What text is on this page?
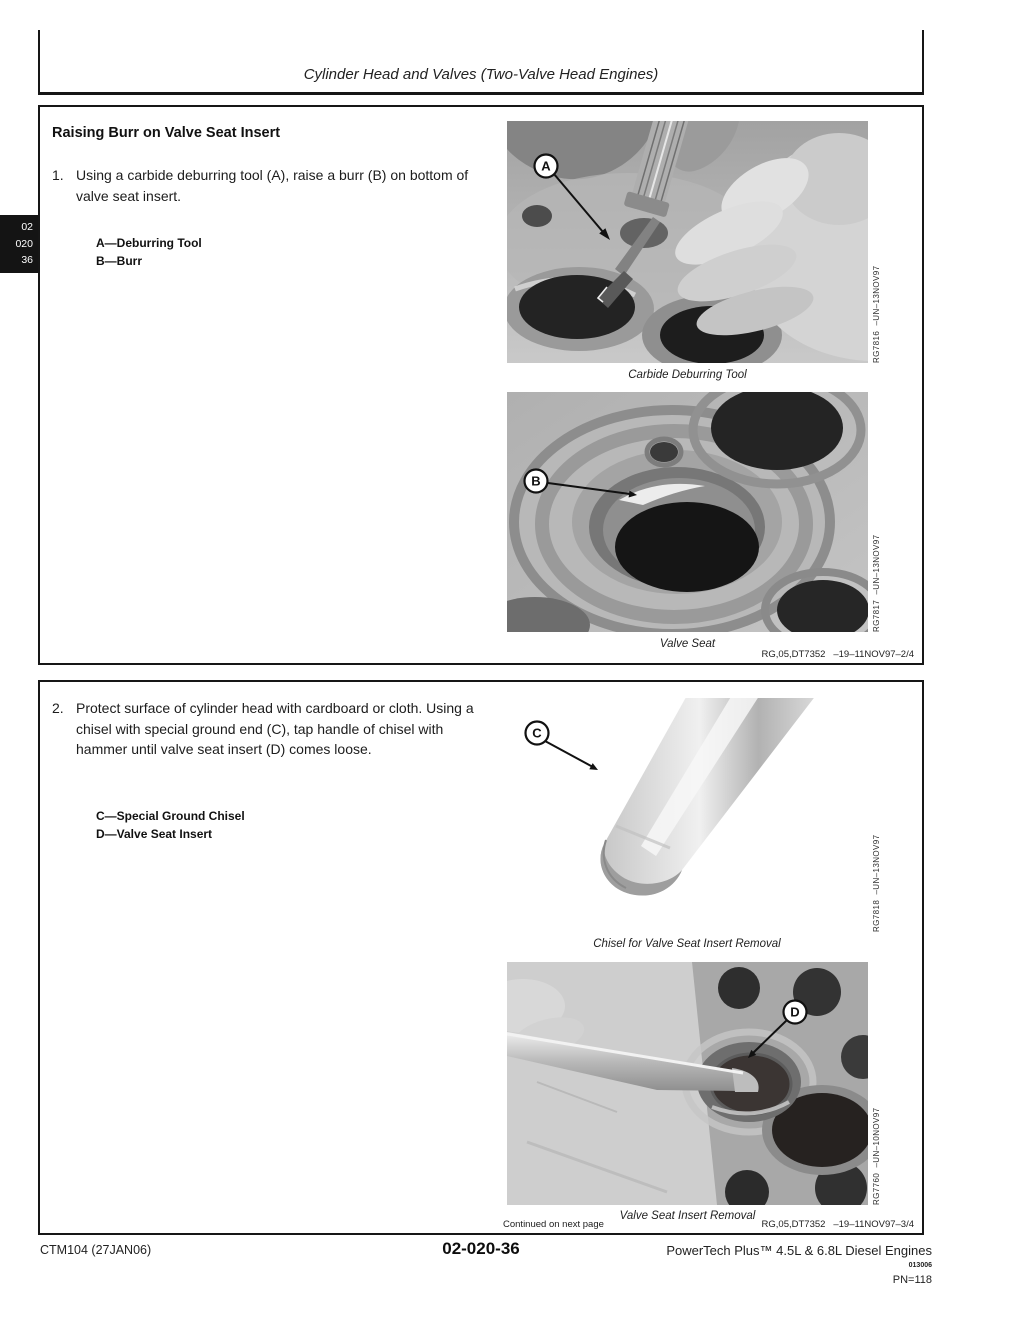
Cylinder Head and Valves (Two-Valve Head Engines)
02
020
36
Raising Burr on Valve Seat Insert
1. Using a carbide deburring tool (A), raise a burr (B) on bottom of valve seat insert.
A—Deburring Tool
B—Burr
A
RG7816  –UN–13NOV97
Carbide Deburring Tool
B
RG7817  –UN–13NOV97
Valve Seat
RG,05,DT7352   –19–11NOV97–2/4
2. Protect surface of cylinder head with cardboard or cloth. Using a chisel with special ground end (C), tap handle of chisel with hammer until valve seat insert (D) comes loose.
C—Special Ground Chisel
D—Valve Seat Insert
C
RG7818  –UN–13NOV97
Chisel for Valve Seat Insert Removal
D
RG7760  –UN–10NOV97
Valve Seat Insert Removal
Continued on next page	RG,05,DT7352   –19–11NOV97–3/4
CTM104 (27JAN06)	02-020-36	PowerTech Plus™ 4.5L & 6.8L Diesel Engines
013006
PN=118
